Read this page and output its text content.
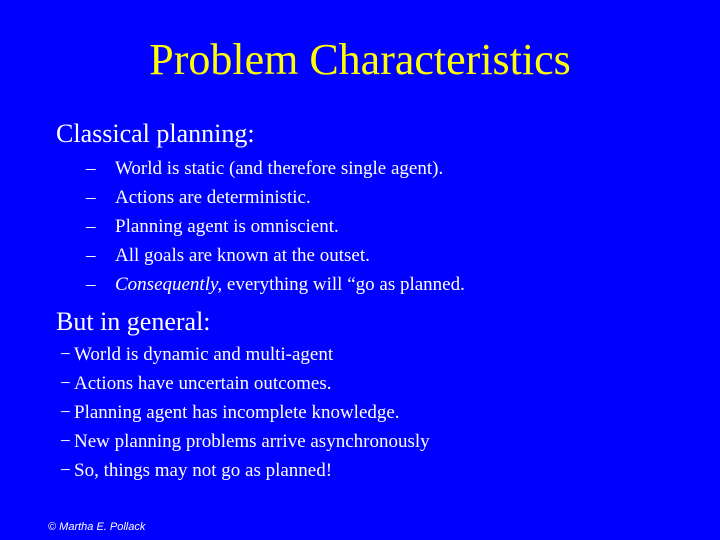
Problem Characteristics
Classical planning:
–	World is static (and therefore single agent).
–	Actions are deterministic.
–	Planning agent is omniscient.
–	All goals are known at the outset.
–	Consequently, everything will “go as planned.
But in general:
− World is dynamic and multi-agent
− Actions have uncertain outcomes.
− Planning agent has incomplete knowledge.
− New planning problems arrive asynchronously
− So, things may not go as planned!
© Martha E. Pollack
